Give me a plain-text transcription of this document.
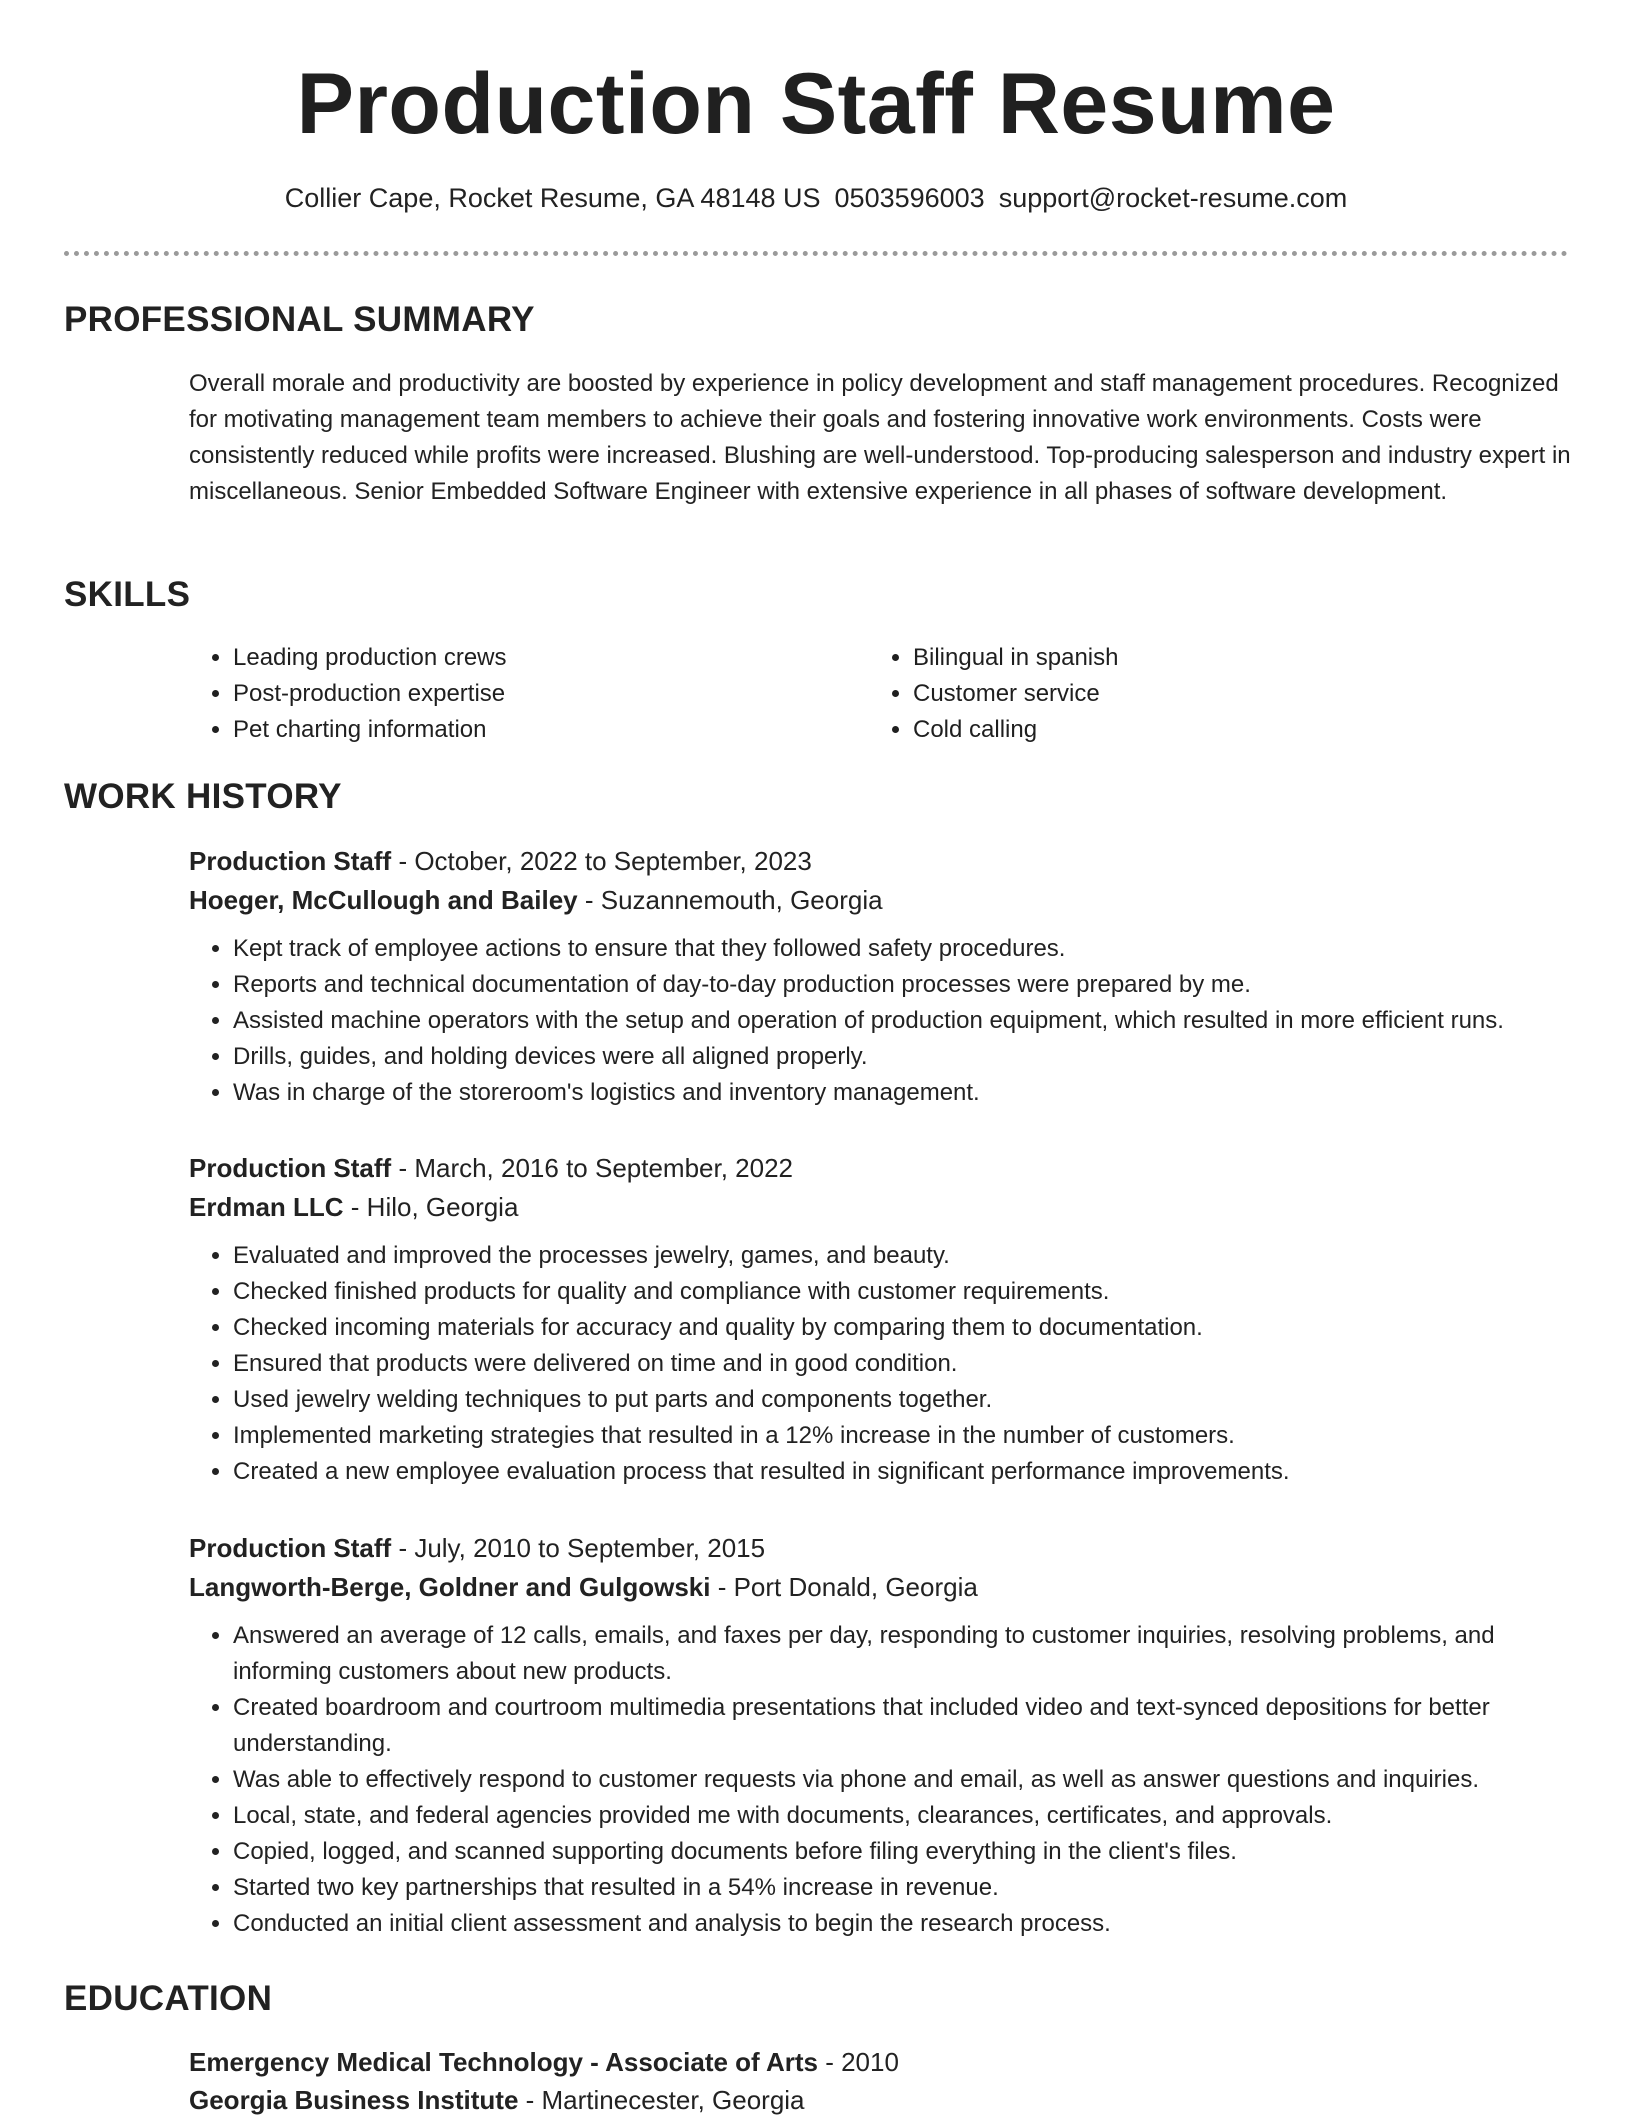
Production Staff Resume
Collier Cape, Rocket Resume, GA 48148 US 0503596003 support@rocket-resume.com
PROFESSIONAL SUMMARY
Overall morale and productivity are boosted by experience in policy development and staff management procedures. Recognized for motivating management team members to achieve their goals and fostering innovative work environments. Costs were consistently reduced while profits were increased. Blushing are well-understood. Top-producing salesperson and industry expert in miscellaneous. Senior Embedded Software Engineer with extensive experience in all phases of software development.
SKILLS
• Leading production crews
• Post-production expertise
• Pet charting information
• Bilingual in spanish
• Customer service
• Cold calling
WORK HISTORY
Production Staff - October, 2022 to September, 2023
Hoeger, McCullough and Bailey - Suzannemouth, Georgia
• Kept track of employee actions to ensure that they followed safety procedures.
• Reports and technical documentation of day-to-day production processes were prepared by me.
• Assisted machine operators with the setup and operation of production equipment, which resulted in more efficient runs.
• Drills, guides, and holding devices were all aligned properly.
• Was in charge of the storeroom's logistics and inventory management.
Production Staff - March, 2016 to September, 2022
Erdman LLC - Hilo, Georgia
• Evaluated and improved the processes jewelry, games, and beauty.
• Checked finished products for quality and compliance with customer requirements.
• Checked incoming materials for accuracy and quality by comparing them to documentation.
• Ensured that products were delivered on time and in good condition.
• Used jewelry welding techniques to put parts and components together.
• Implemented marketing strategies that resulted in a 12% increase in the number of customers.
• Created a new employee evaluation process that resulted in significant performance improvements.
Production Staff - July, 2010 to September, 2015
Langworth-Berge, Goldner and Gulgowski - Port Donald, Georgia
• Answered an average of 12 calls, emails, and faxes per day, responding to customer inquiries, resolving problems, and informing customers about new products.
• Created boardroom and courtroom multimedia presentations that included video and text-synced depositions for better understanding.
• Was able to effectively respond to customer requests via phone and email, as well as answer questions and inquiries.
• Local, state, and federal agencies provided me with documents, clearances, certificates, and approvals.
• Copied, logged, and scanned supporting documents before filing everything in the client's files.
• Started two key partnerships that resulted in a 54% increase in revenue.
• Conducted an initial client assessment and analysis to begin the research process.
EDUCATION
Emergency Medical Technology - Associate of Arts - 2010
Georgia Business Institute - Martinecester, Georgia
